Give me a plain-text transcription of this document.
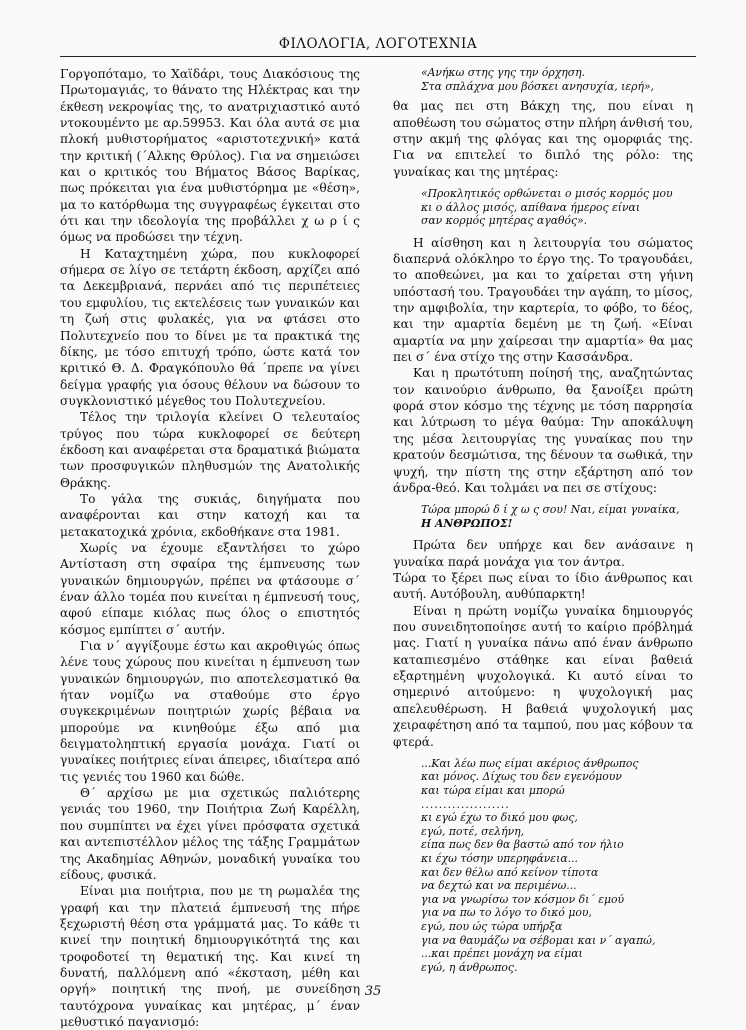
ΦΙΛΟΛΟΓΙΑ, ΛΟΓΟΤΕΧΝΙΑ

Γοργοπόταμο, το Χαϊδάρι, τους Διακόσιους της Πρωτομαγιάς, το θάνατο της Ηλέκτρας και την έκθεση νεκροψίας της, το ανατριχιαστικό αυτό ντοκουμέντο με αρ.59953. Και όλα αυτά σε μια πλοκή μυθιστορήματος «αριστοτεχνική» κατά την κριτική (΄Αλκης Θρύλος). Για να σημειώσει και ο κριτικός του Βήματος Βάσος Βαρίκας, πως πρόκειται για ένα μυθιστόρημα με «θέση», μα το κατόρθωμα της συγγραφέως έγκειται στο ότι και την ιδεολογία της προβάλλει χ ω ρ ί ς όμως να προδώσει την τέχνη.

Η Καταχτημένη χώρα, που κυκλοφορεί σήμερα σε λίγο σε τετάρτη έκδοση, αρχίζει από τα Δεκεμβριανά, περνάει από τις περιπέτειες του εμφυλίου, τις εκτελέσεις των γυναικών και τη ζωή στις φυλακές, για να φτάσει στο Πολυτεχνείο που το δίνει με τα πρακτικά της δίκης, με τόσο επιτυχή τρόπο, ώστε κατά τον κριτικό Θ. Δ. Φραγκόπουλο θά ΄πρεπε να γίνει δείγμα γραφής για όσους θέλουν να δώσουν το συγκλονιστικό μέγεθος του Πολυτεχνείου.

Τέλος την τριλογία κλείνει Ο τελευταίος τρύγος που τώρα κυκλοφορεί σε δεύτερη έκδοση και αναφέρεται στα δραματικά βιώματα των προσφυγικών πληθυσμών της Ανατολικής Θράκης.

Το γάλα της συκιάς, διηγήματα που αναφέρονται και στην κατοχή και τα μετακατοχικά χρόνια, εκδοθήκανε στα 1981.

Χωρίς να έχουμε εξαντλήσει το χώρο Αντίσταση στη σφαίρα της έμπνευσης των γυναικών δημιουργών, πρέπει να φτάσουμε σ΄ έναν άλλο τομέα που κινείται η έμπνευσή τους, αφού είπαμε κιόλας πως όλος ο επιστητός κόσμος εμπίπτει σ΄ αυτήν.

Για ν΄ αγγίξουμε έστω και ακροθιγώς όπως λένε τους χώρους που κινείται η έμπνευση των γυναικών δημιουργών, πιο αποτελεσματικό θα ήταν νομίζω να σταθούμε στο έργο συγκεκριμένων ποιητριών χωρίς βέβαια να μπορούμε να κινηθούμε έξω από μια δειγματοληπτική εργασία μονάχα. Γιατί οι γυναίκες ποιήτριες είναι άπειρες, ιδιαίτερα από τις γενιές του 1960 και δώθε.

Θ΄ αρχίσω με μια σχετικώς παλιότερης γενιάς του 1960, την Ποιήτρια Ζωή Καρέλλη, που συμπίπτει να έχει γίνει πρόσφατα σχετικά και αντεπιστέλλον μέλος της τάξης Γραμμάτων της Ακαδημίας Αθηνών, μοναδική γυναίκα του είδους, φυσικά.

Είναι μια ποιήτρια, που με τη ρωμαλέα της γραφή και την πλατειά έμπνευσή της πήρε ξεχωριστή θέση στα γράμματά μας. Το κάθε τι κινεί την ποιητική δημιουργικότητά της και τροφοδοτεί τη θεματική της. Και κινεί τη δυνατή, παλλόμενη από «έκσταση, μέθη και οργή» ποιητική της πνοή, με συνείδηση ταυτόχρονα γυναίκας και μητέρας, μ΄ έναν μεθυστικό παγανισμό:

«Ανήκω στης γης την όρχηση.
Στα σπλάχνα μου βόσκει ανησυχία, ιερή»,

θα μας πει στη Βάκχη της, που είναι η αποθέωση του σώματος στην πλήρη άνθισή του, στην ακμή της φλόγας και της ομορφιάς της. Για να επιτελεί το διπλό της ρόλο: της γυναίκας και της μητέρας:

«Προκλητικός ορθώνεται ο μισός κορμός μου
κι ο άλλος μισός, απίθανα ήμερος είναι
σαν κορμός μητέρας αγαθός».

Η αίσθηση και η λειτουργία του σώματος διαπερνά ολόκληρο το έργο της. Το τραγουδάει, το αποθεώνει, μα και το χαίρεται στη γήινη υπόστασή του. Τραγουδάει την αγάπη, το μίσος, την αμφιβολία, την καρτερία, το φόβο, το δέος, και την αμαρτία δεμένη με τη ζωή. «Είναι αμαρτία να μην χαίρεσαι την αμαρτία» θα μας πει σ΄ ένα στίχο της στην Κασσάνδρα.

Και η πρωτότυπη ποίησή της, αναζητώντας τον καινούριο άνθρωπο, θα ξανοίξει πρώτη φορά στον κόσμο της τέχνης με τόση παρρησία και λύτρωση το μέγα θαύμα: Την αποκάλυψη της μέσα λειτουργίας της γυναίκας που την κρατούν δεσμώτισα, της δένουν τα σωθικά, την ψυχή, την πίστη της στην εξάρτηση από τον άνδρα-θεό. Και τολμάει να πει σε στίχους:

Τώρα μπορώ δ ί χ ω ς σου! Ναι, είμαι γυναίκα, Η ΑΝΘΡΩΠΟΣ!

Πρώτα δεν υπήρχε και δεν ανάσαινε η γυναίκα παρά μονάχα για τον άντρα.

Τώρα το ξέρει πως είναι το ίδιο άνθρωπος και αυτή. Αυτόβουλη, αυθύπαρκτη!

Είναι η πρώτη νομίζω γυναίκα δημιουργός που συνειδητοποίησε αυτή το καίριο πρόβλημά μας. Γιατί η γυναίκα πάνω από έναν άνθρωπο καταπιεσμένο στάθηκε και είναι βαθειά εξαρτημένη ψυχολογικά. Κι αυτό είναι το σημερινό αιτούμενο: η ψυχολογική μας απελευθέρωση. Η βαθειά ψυχολογική μας χειραφέτηση από τα ταμπού, που μας κόβουν τα φτερά.

...Και λέω πως είμαι ακέριος άνθρωπος
και μόνος. Δίχως του δεν εγενόμουν
και τώρα είμαι και μπορώ
....................
κι εγώ έχω το δικό μου φως,
εγώ, ποτέ, σελήνη,
είπα πως δεν θα βαστώ από τον ήλιο
κι έχω τόσην υπερηφάνεια...
και δεν θέλω από κείνον τίποτα
να δεχτώ και να περιμένω...
για να γνωρίσω τον κόσμον δι΄ εμού
για να πω το λόγο το δικό μου,
εγώ, που ώς τώρα υπήρξα
για να θαυμάζω να σέβομαι και ν΄ αγαπώ,
...και πρέπει μονάχη να είμαι
εγώ, η άνθρωπος.
35
